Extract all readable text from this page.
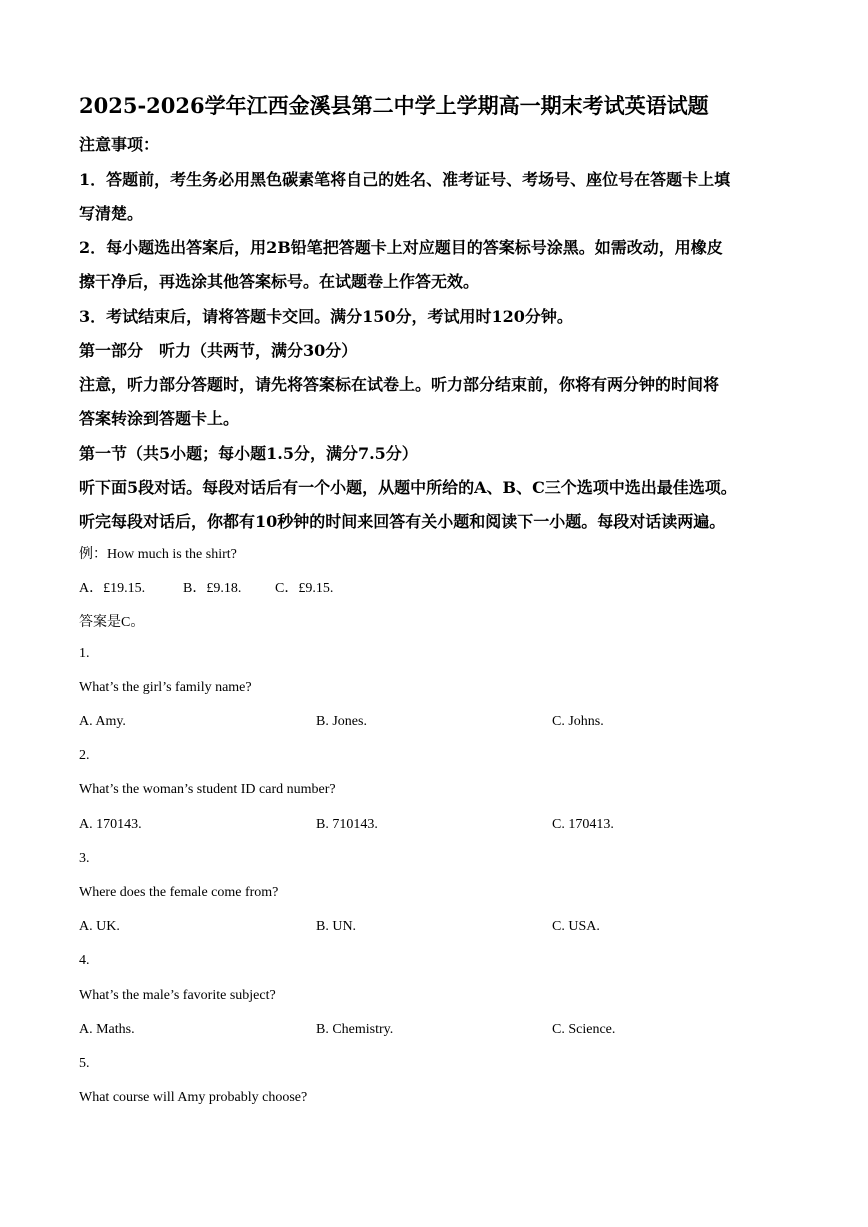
2025-2026学年江西金溪县第二中学上学期高一期末考试英语试题
注意事项：
1．答题前，考生务必用黑色碳素笔将自己的姓名、准考证号、考场号、座位号在答题卡上填
写清楚。
2．每小题选出答案后，用2B铅笔把答题卡上对应题目的答案标号涂黑。如需改动，用橡皮
擦干净后，再选涂其他答案标号。在试题卷上作答无效。
3．考试结束后，请将答题卡交回。满分150分，考试用时120分钟。
第一部分　听力（共两节，满分30分）
注意，听力部分答题时，请先将答案标在试卷上。听力部分结束前，你将有两分钟的时间将
答案转涂到答题卡上。
第一节（共5小题；每小题1.5分，满分7.5分）
听下面5段对话。每段对话后有一个小题，从题中所给的A、B、C三个选项中选出最佳选项。
听完每段对话后，你都有10秒钟的时间来回答有关小题和阅读下一小题。每段对话读两遍。
例：How much is the shirt?
A．£19.15.	B．£9.18. C．£9.15.
答案是C。
1.
What’s the girl’s family name?
A. Amy.	B. Jones.	C. Johns.
2.
What’s the woman’s student ID card number?
A. 170143.	B. 710143.	C. 170413.
3.
Where does the female come from?
A. UK.	B. UN.	C. USA.
4.
What’s the male’s favorite subject?
A. Maths.	B. Chemistry.	C. Science.
5.
What course will Amy probably choose?
